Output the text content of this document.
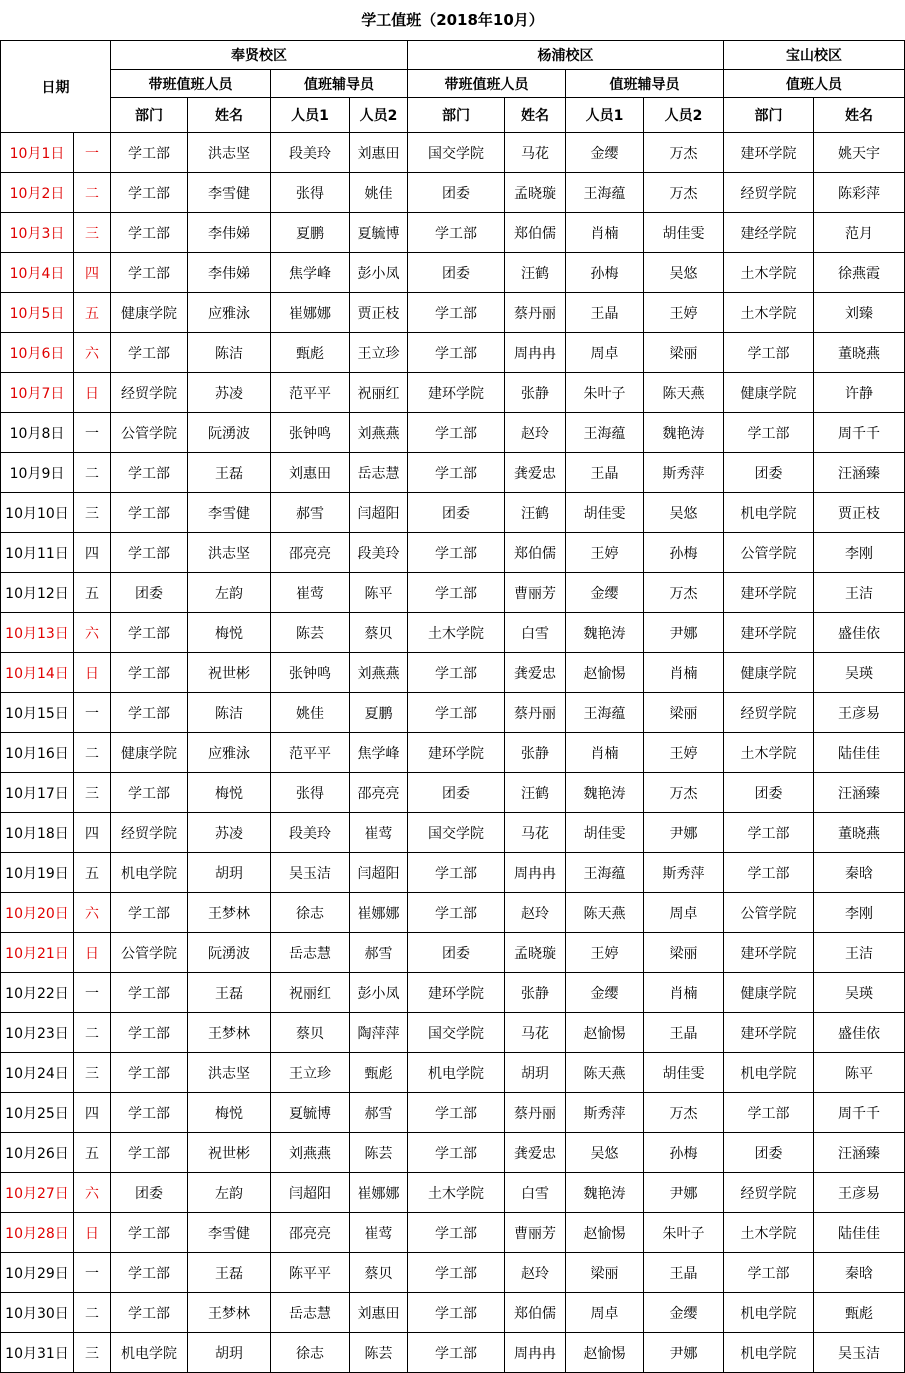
学工值班（2018年10月）
日期		奉贤校区				杨浦校区				宝山校区	
		带班值班人员		值班辅导员		带班值班人员		值班辅导员		值班人员	
		部门	姓名	人员1	人员2	部门	姓名	人员1	人员2	部门	姓名
10月1日	一	学工部	洪志坚	段美玲	刘惠田	国交学院	马花	金缨	万杰	建环学院	姚天宇
10月2日	二	学工部	李雪健	张得	姚佳	团委	孟晓璇	王海蕴	万杰	经贸学院	陈彩萍
10月3日	三	学工部	李伟娣	夏鹏	夏毓博	学工部	郑伯儒	肖楠	胡佳雯	建经学院	范月
10月4日	四	学工部	李伟娣	焦学峰	彭小凤	团委	汪鹤	孙梅	吴悠	土木学院	徐燕霞
10月5日	五	健康学院	应雅泳	崔娜娜	贾正枝	学工部	蔡丹丽	王晶	王婷	土木学院	刘臻
10月6日	六	学工部	陈洁	甄彪	王立珍	学工部	周冉冉	周卓	梁丽	学工部	董晓燕
10月7日	日	经贸学院	苏凌	范平平	祝丽红	建环学院	张静	朱叶子	陈天燕	健康学院	许静
10月8日	一	公管学院	阮湧波	张钟鸣	刘燕燕	学工部	赵玲	王海蕴	魏艳涛	学工部	周千千
10月9日	二	学工部	王磊	刘惠田	岳志慧	学工部	龚爱忠	王晶	斯秀萍	团委	汪涵臻
10月10日	三	学工部	李雪健	郝雪	闫超阳	团委	汪鹤	胡佳雯	吴悠	机电学院	贾正枝
10月11日	四	学工部	洪志坚	邵亮亮	段美玲	学工部	郑伯儒	王婷	孙梅	公管学院	李刚
10月12日	五	团委	左韵	崔莺	陈平	学工部	曹丽芳	金缨	万杰	建环学院	王洁
10月13日	六	学工部	梅悦	陈芸	蔡贝	土木学院	白雪	魏艳涛	尹娜	建环学院	盛佳依
10月14日	日	学工部	祝世彬	张钟鸣	刘燕燕	学工部	龚爱忠	赵愉惕	肖楠	健康学院	吴瑛
10月15日	一	学工部	陈洁	姚佳	夏鹏	学工部	蔡丹丽	王海蕴	梁丽	经贸学院	王彦易
10月16日	二	健康学院	应雅泳	范平平	焦学峰	建环学院	张静	肖楠	王婷	土木学院	陆佳佳
10月17日	三	学工部	梅悦	张得	邵亮亮	团委	汪鹤	魏艳涛	万杰	团委	汪涵臻
10月18日	四	经贸学院	苏凌	段美玲	崔莺	国交学院	马花	胡佳雯	尹娜	学工部	董晓燕
10月19日	五	机电学院	胡玥	吴玉洁	闫超阳	学工部	周冉冉	王海蕴	斯秀萍	学工部	秦晗
10月20日	六	学工部	王梦林	徐志	崔娜娜	学工部	赵玲	陈天燕	周卓	公管学院	李刚
10月21日	日	公管学院	阮湧波	岳志慧	郝雪	团委	孟晓璇	王婷	梁丽	建环学院	王洁
10月22日	一	学工部	王磊	祝丽红	彭小凤	建环学院	张静	金缨	肖楠	健康学院	吴瑛
10月23日	二	学工部	王梦林	蔡贝	陶萍萍	国交学院	马花	赵愉惕	王晶	建环学院	盛佳依
10月24日	三	学工部	洪志坚	王立珍	甄彪	机电学院	胡玥	陈天燕	胡佳雯	机电学院	陈平
10月25日	四	学工部	梅悦	夏毓博	郝雪	学工部	蔡丹丽	斯秀萍	万杰	学工部	周千千
10月26日	五	学工部	祝世彬	刘燕燕	陈芸	学工部	龚爱忠	吴悠	孙梅	团委	汪涵臻
10月27日	六	团委	左韵	闫超阳	崔娜娜	土木学院	白雪	魏艳涛	尹娜	经贸学院	王彦易
10月28日	日	学工部	李雪健	邵亮亮	崔莺	学工部	曹丽芳	赵愉惕	朱叶子	土木学院	陆佳佳
10月29日	一	学工部	王磊	陈平平	蔡贝	学工部	赵玲	梁丽	王晶	学工部	秦晗
10月30日	二	学工部	王梦林	岳志慧	刘惠田	学工部	郑伯儒	周卓	金缨	机电学院	甄彪
10月31日	三	机电学院	胡玥	徐志	陈芸	学工部	周冉冉	赵愉惕	尹娜	机电学院	吴玉洁
